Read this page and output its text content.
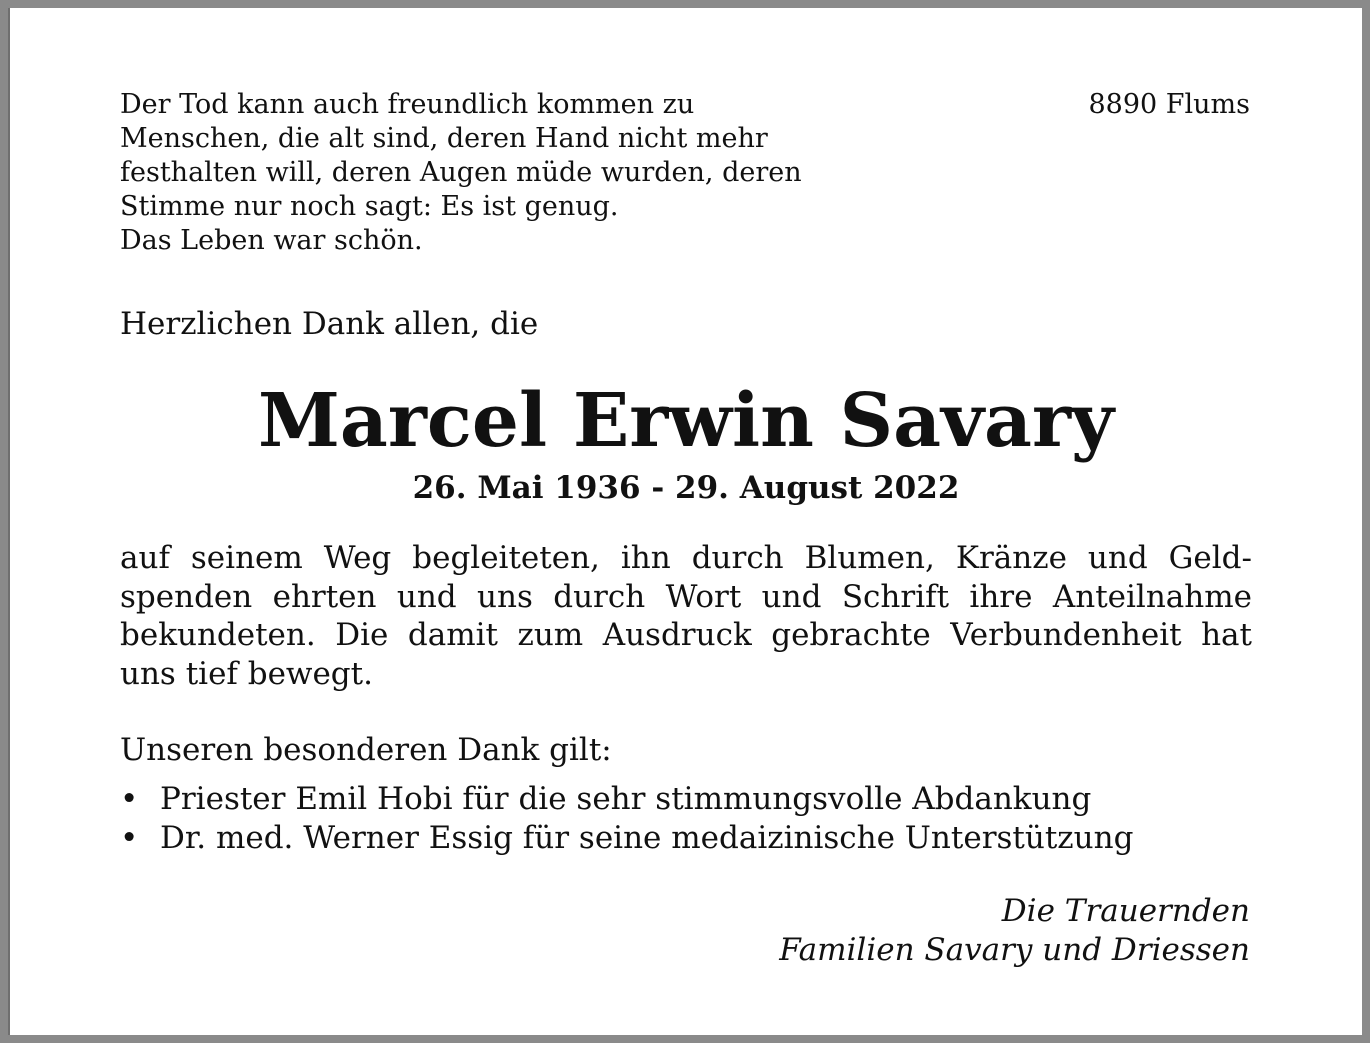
Der Tod kann auch freundlich kommen zu
Menschen, die alt sind, deren Hand nicht mehr
festhalten will, deren Augen müde wurden, deren
Stimme nur noch sagt: Es ist genug.
Das Leben war schön.
8890 Flums
Herzlichen Dank allen, die
Marcel Erwin Savary
26. Mai 1936 - 29. August 2022
auf seinem Weg begleiteten, ihn durch Blumen, Kränze und Geld-
spenden ehrten und uns durch Wort und Schrift ihre Anteilnahme
bekundeten. Die damit zum Ausdruck gebrachte Verbundenheit hat
uns tief bewegt.
Unseren besonderen Dank gilt:
• Priester Emil Hobi für die sehr stimmungsvolle Abdankung
• Dr. med. Werner Essig für seine medaizinische Unterstützung
Die Trauernden
Familien Savary und Driessen
